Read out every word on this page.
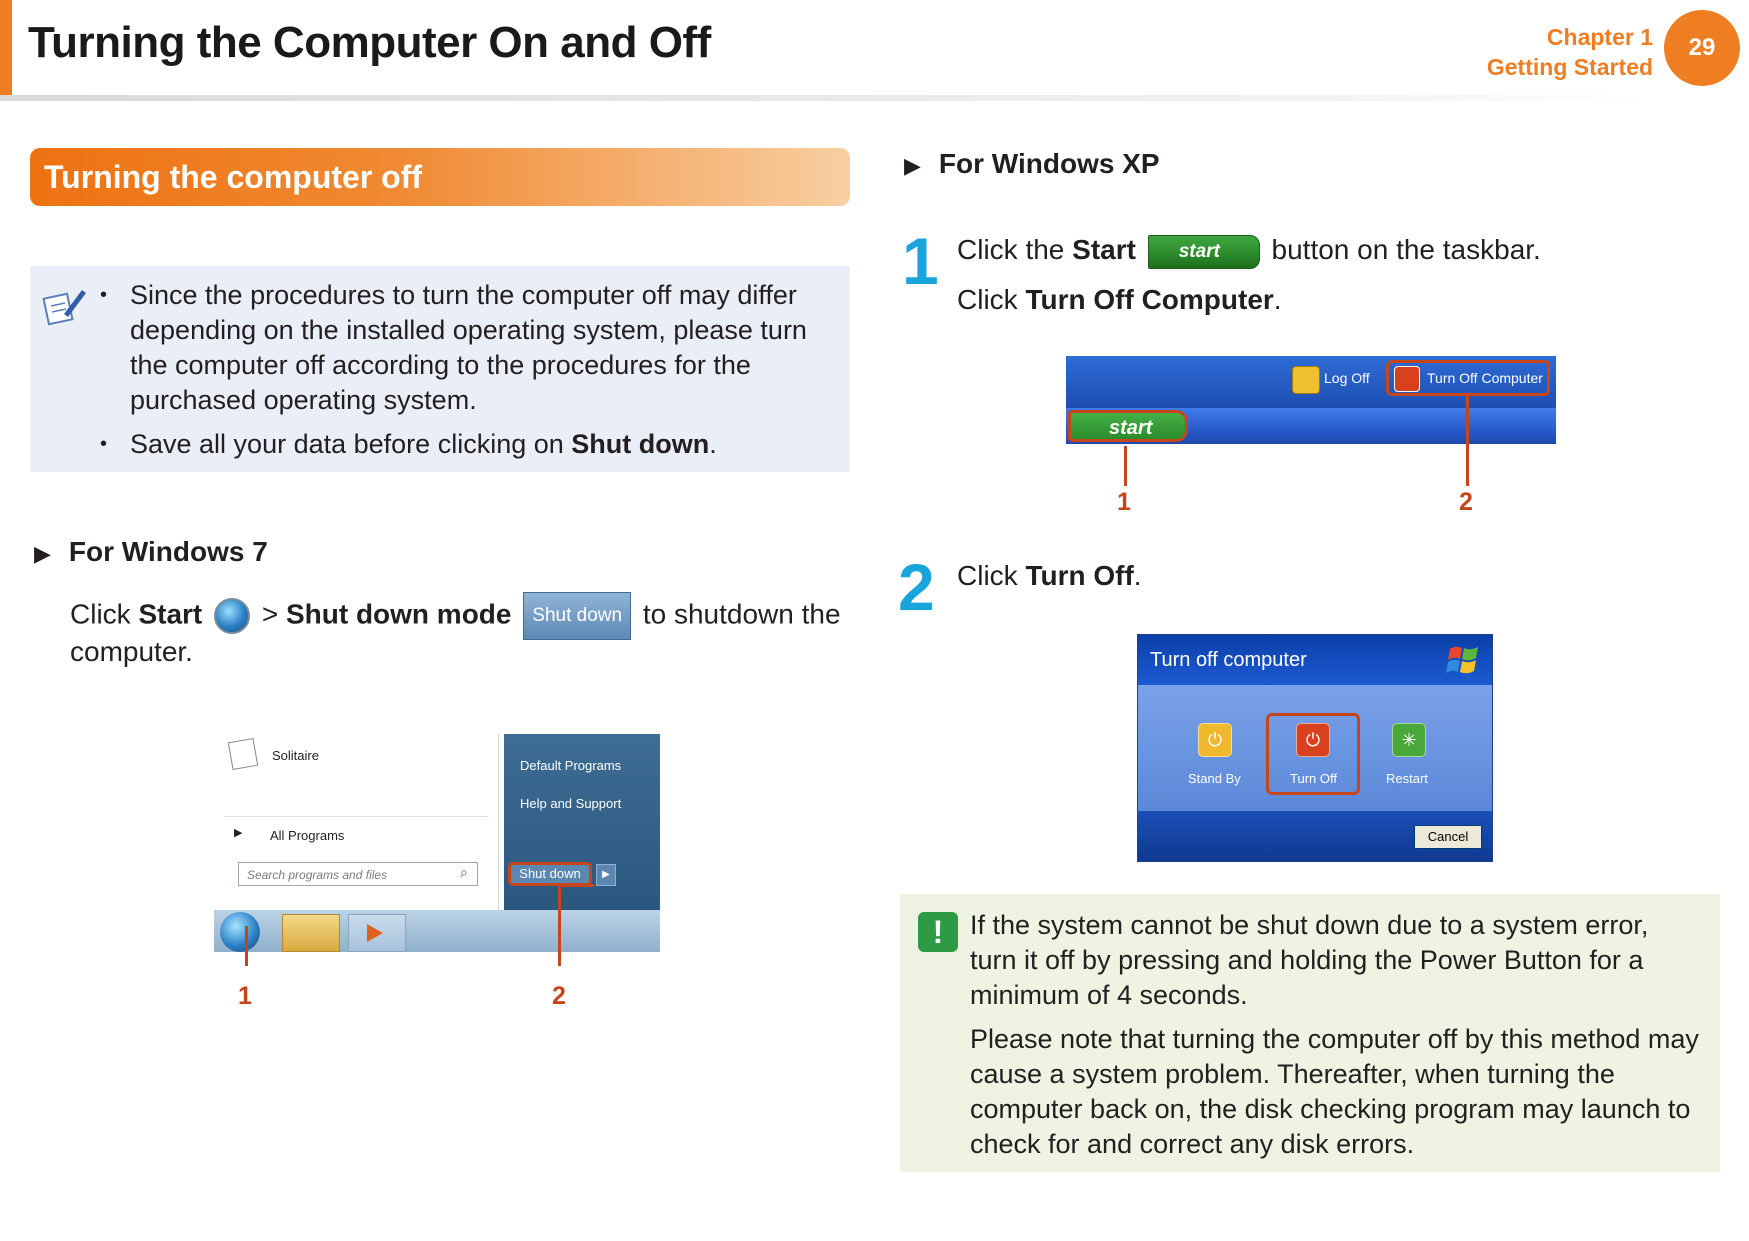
Turning the Computer On and Off	Chapter 1
Getting Started
29
Turning the computer off
• Since the procedures to turn the computer off may differ depending on the installed operating system, please turn the computer off according to the procedures for the purchased operating system.
• Save all your data before clicking on Shut down.
▶ For Windows 7
Click Start  > Shut down mode Shut down to shutdown the
computer.
Solitaire
▶ All Programs
Search programs and files	⌕
Default Programs
Help and Support
Shut down	▶
1	2
▶ For Windows XP
1 Click the Start start button on the taskbar.
Click Turn Off Computer.
Log Off	Turn Off Computer
start
1	2
2 Click Turn Off.
Turn off computer
⏻
Stand By
⏻
Turn Off
✳
Restart
Cancel
! If the system cannot be shut down due to a system error, turn it off by pressing and holding the Power Button for a minimum of 4 seconds.

Please note that turning the computer off by this method may cause a system problem. Thereafter, when turning the computer back on, the disk checking program may launch to check for and correct any disk errors.
